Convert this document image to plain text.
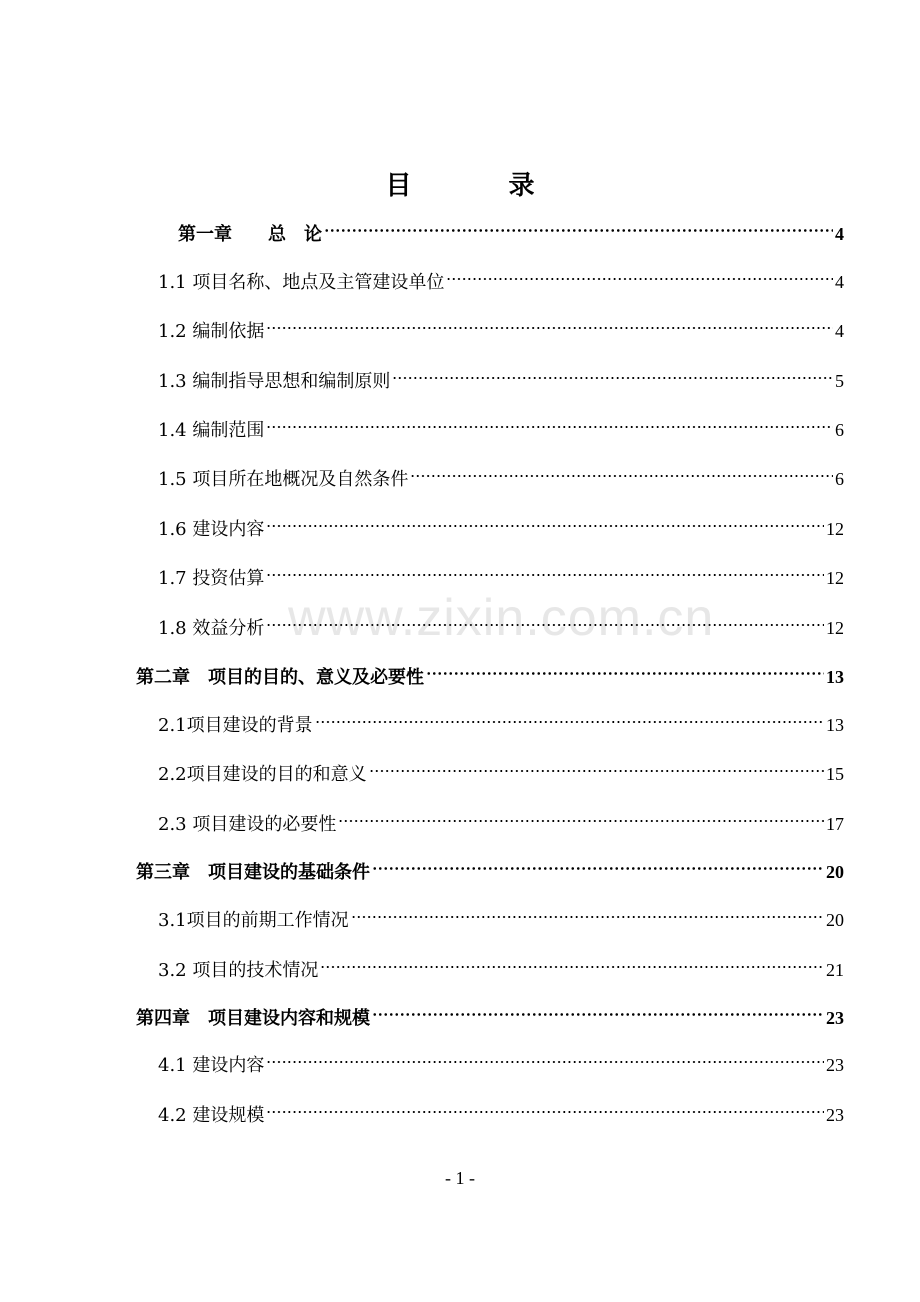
目 录
第一章　　总　论	4
1.1 项目名称、地点及主管建设单位	4
1.2 编制依据	4
1.3 编制指导思想和编制原则	5
1.4 编制范围	6
1.5 项目所在地概况及自然条件	6
1.6 建设内容	12
1.7 投资估算	12
1.8 效益分析	12
第二章　项目的目的、意义及必要性	13
2.1项目建设的背景	13
2.2项目建设的目的和意义	15
2.3 项目建设的必要性	17
第三章　项目建设的基础条件	20
3.1项目的前期工作情况	20
3.2 项目的技术情况	21
第四章　项目建设内容和规模	23
4.1 建设内容	23
4.2 建设规模	23
www.zixin.com.cn
- 1 -
